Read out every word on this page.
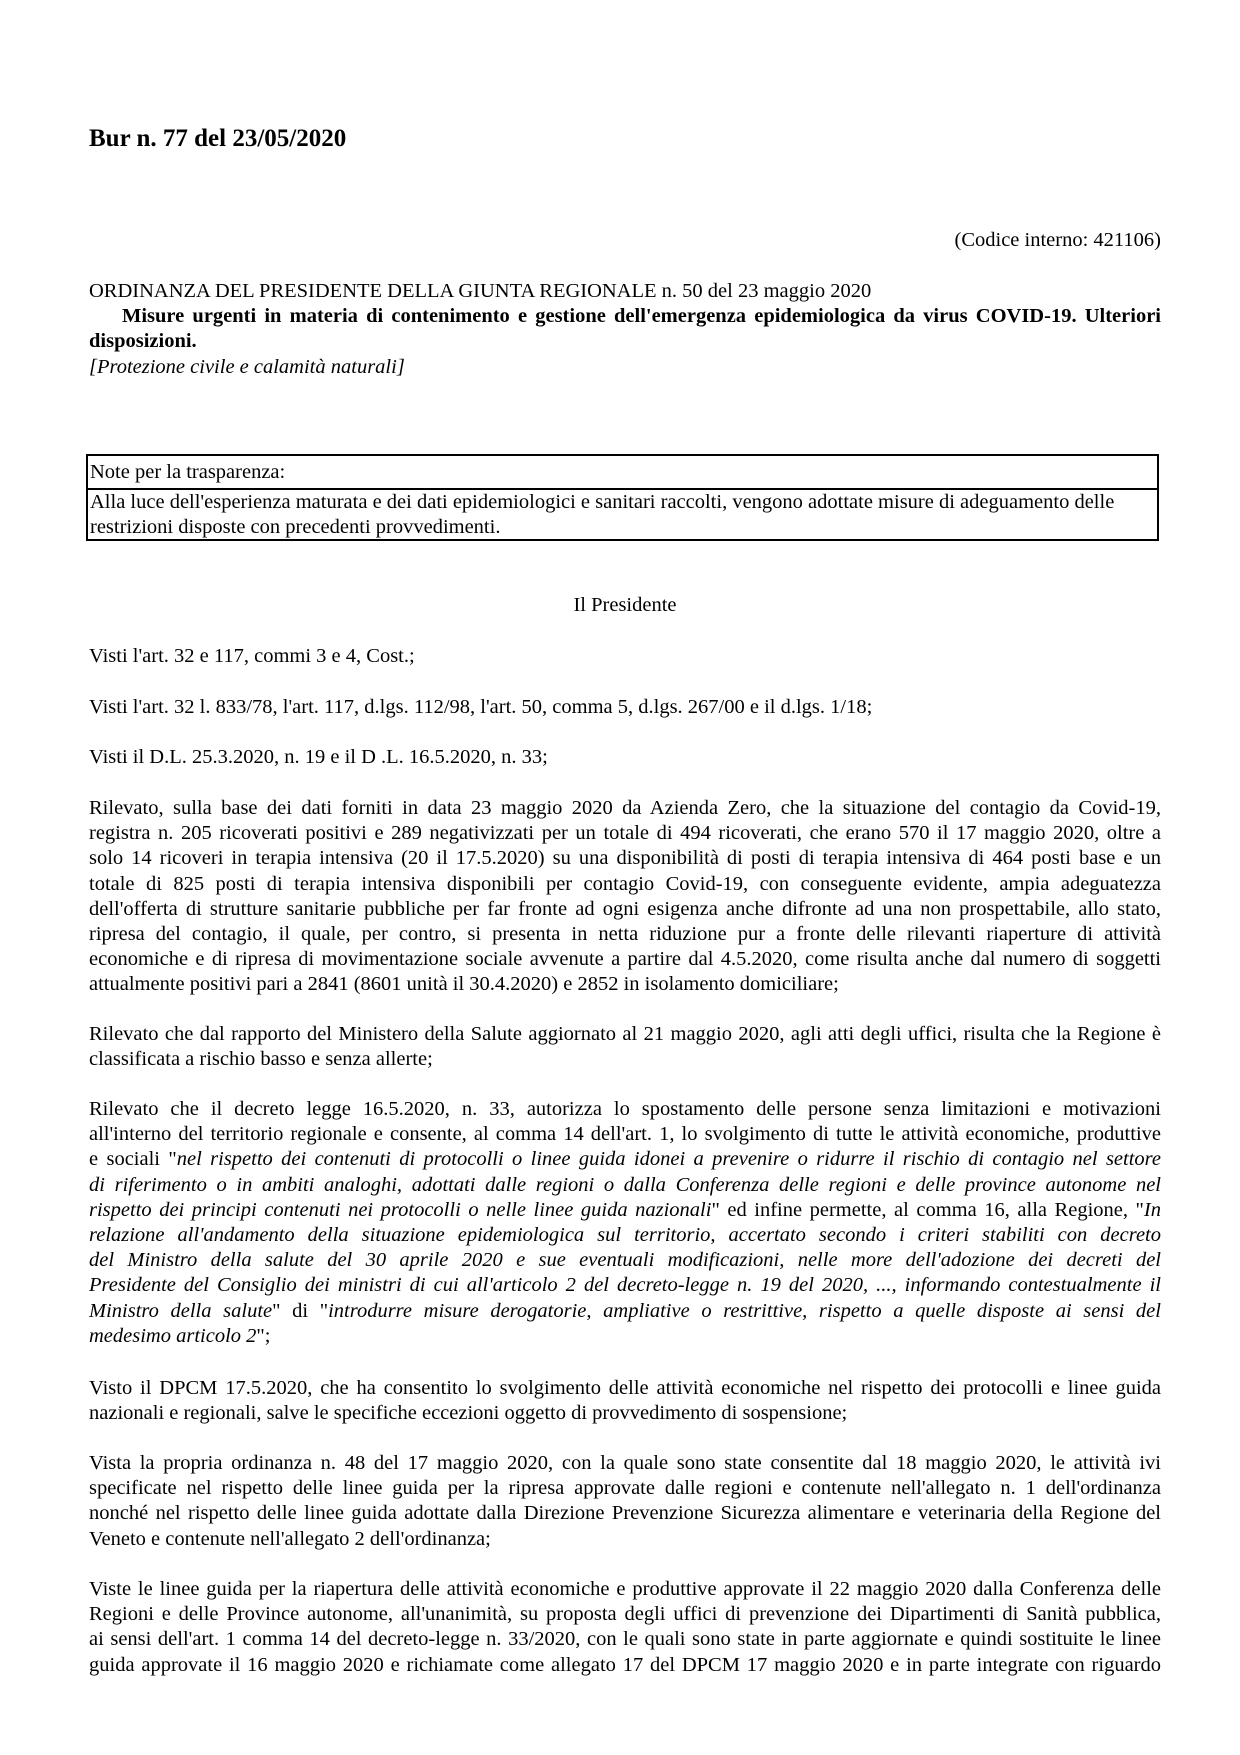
Bur n. 77 del 23/05/2020
(Codice interno: 421106)
ORDINANZA DEL PRESIDENTE DELLA GIUNTA REGIONALE n. 50 del 23 maggio 2020
Misure urgenti in materia di contenimento e gestione dell'emergenza epidemiologica da virus COVID-19. Ulteriori
disposizioni.
[Protezione civile e calamità naturali]
Note per la trasparenza:
Alla luce dell'esperienza maturata e dei dati epidemiologici e sanitari raccolti, vengono adottate misure di adeguamento delle
restrizioni disposte con precedenti provvedimenti.
Il Presidente
Visti l'art. 32 e 117, commi 3 e 4, Cost.;
Visti l'art. 32 l. 833/78, l'art. 117, d.lgs. 112/98, l'art. 50, comma 5, d.lgs. 267/00 e il d.lgs. 1/18;
Visti il D.L. 25.3.2020, n. 19 e il D .L. 16.5.2020, n. 33;
Rilevato, sulla base dei dati forniti in data 23 maggio 2020 da Azienda Zero, che la situazione del contagio da Covid-19,
registra n. 205 ricoverati positivi e 289 negativizzati per un totale di 494 ricoverati, che erano 570 il 17 maggio 2020, oltre a
solo 14 ricoveri in terapia intensiva (20 il 17.5.2020) su una disponibilità di posti di terapia intensiva di 464 posti base e un
totale di 825 posti di terapia intensiva disponibili per contagio Covid-19, con conseguente evidente, ampia adeguatezza
dell'offerta di strutture sanitarie pubbliche per far fronte ad ogni esigenza anche difronte ad una non prospettabile, allo stato,
ripresa del contagio, il quale, per contro, si presenta in netta riduzione pur a fronte delle rilevanti riaperture di attività
economiche e di ripresa di movimentazione sociale avvenute a partire dal 4.5.2020, come risulta anche dal numero di soggetti
attualmente positivi pari a 2841 (8601 unità il 30.4.2020) e 2852 in isolamento domiciliare;
Rilevato che dal rapporto del Ministero della Salute aggiornato al 21 maggio 2020, agli atti degli uffici, risulta che la Regione è
classificata a rischio basso e senza allerte;
Rilevato che il decreto legge 16.5.2020, n. 33, autorizza lo spostamento delle persone senza limitazioni e motivazioni
all'interno del territorio regionale e consente, al comma 14 dell'art. 1, lo svolgimento di tutte le attività economiche, produttive
e sociali "nel rispetto dei contenuti di protocolli o linee guida idonei a prevenire o ridurre il rischio di contagio nel settore
di riferimento o in ambiti analoghi, adottati dalle regioni o dalla Conferenza delle regioni e delle province autonome nel
rispetto dei principi contenuti nei protocolli o nelle linee guida nazionali" ed infine permette, al comma 16, alla Regione, "In
relazione all'andamento della situazione epidemiologica sul territorio, accertato secondo i criteri stabiliti con decreto
del Ministro della salute del 30 aprile 2020 e sue eventuali modificazioni, nelle more dell'adozione dei decreti del
Presidente del Consiglio dei ministri di cui all'articolo 2 del decreto-legge n. 19 del 2020, ..., informando contestualmente il
Ministro della salute" di "introdurre misure derogatorie, ampliative o restrittive, rispetto a quelle disposte ai sensi del
medesimo articolo 2";
Visto il DPCM 17.5.2020, che ha consentito lo svolgimento delle attività economiche nel rispetto dei protocolli e linee guida
nazionali e regionali, salve le specifiche eccezioni oggetto di provvedimento di sospensione;
Vista la propria ordinanza n. 48 del 17 maggio 2020, con la quale sono state consentite dal 18 maggio 2020, le attività ivi
specificate nel rispetto delle linee guida per la ripresa approvate dalle regioni e contenute nell'allegato n. 1 dell'ordinanza
nonché nel rispetto delle linee guida adottate dalla Direzione Prevenzione Sicurezza alimentare e veterinaria della Regione del
Veneto e contenute nell'allegato 2 dell'ordinanza;
Viste le linee guida per la riapertura delle attività economiche e produttive approvate il 22 maggio 2020 dalla Conferenza delle
Regioni e delle Province autonome, all'unanimità, su proposta degli uffici di prevenzione dei Dipartimenti di Sanità pubblica,
ai sensi dell'art. 1 comma 14 del decreto-legge n. 33/2020, con le quali sono state in parte aggiornate e quindi sostituite le linee
guida approvate il 16 maggio 2020 e richiamate come allegato 17 del DPCM 17 maggio 2020 e in parte integrate con riguardo
